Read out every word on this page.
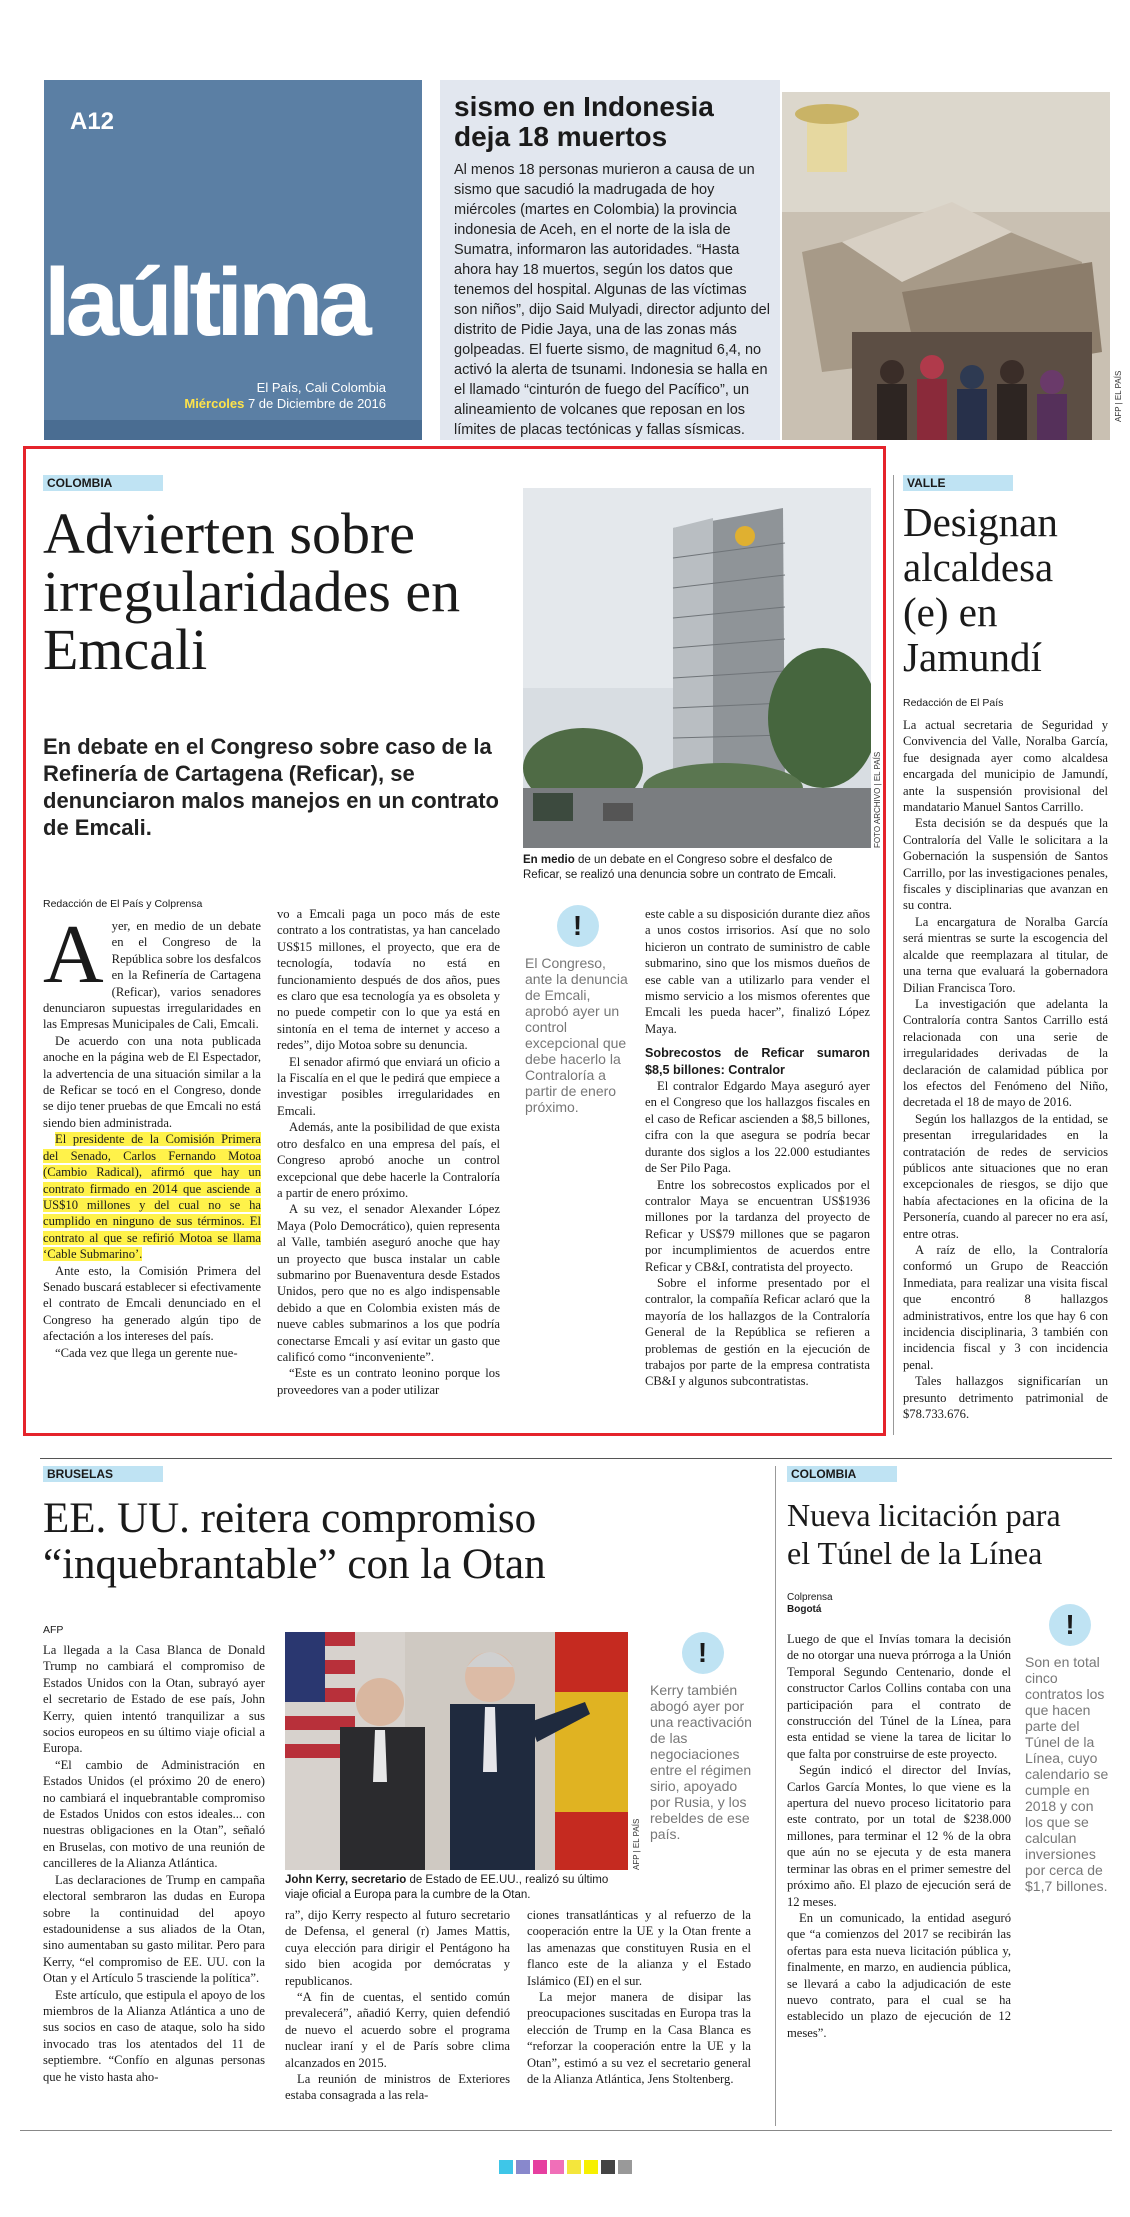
A12
laúltima
El País, Cali Colombia
Miércoles 7 de Diciembre de 2016
sismo en Indonesia
deja 18 muertos

Al menos 18 personas murieron a causa de un sismo que sacudió la madrugada de hoy miércoles (martes en Colombia) la provincia indonesia de Aceh, en el norte de la isla de Sumatra, informaron las autoridades. “Hasta ahora hay 18 muertos, según los datos que tenemos del hospital. Algunas de las víctimas son niños”, dijo Said Mulyadi, director adjunto del distrito de Pidie Jaya, una de las zonas más golpeadas. El fuerte sismo, de magnitud 6,4, no activó la alerta de tsunami. Indonesia se halla en el llamado “cinturón de fuego del Pacífico”, un alineamiento de volcanes que reposan en los límites de placas tectónicas y fallas sísmicas.

AFP | EL PAÍS
COLOMBIA
Advierten sobre irregularidades en Emcali
En debate en el Congreso sobre caso de la Refinería de Cartagena (Reficar), se denunciaron malos manejos en un contrato de Emcali.	FOTO ARCHIVO | EL PAÍS
En medio de un debate en el Congreso sobre el desfalco de Reficar, se realizó una denuncia sobre un contrato de Emcali.
Redacción de El País y Colprensa

Ayer, en medio de un debate en el Congreso de la República sobre los desfalcos en la Refinería de Cartagena (Reficar), varios senadores denunciaron supuestas irregularidades en las Empresas Municipales de Cali, Emcali.

De acuerdo con una nota publicada anoche en la página web de El Espectador, la advertencia de una situación similar a la de Reficar se tocó en el Congreso, donde se dijo tener pruebas de que Emcali no está siendo bien administrada.

El presidente de la Comisión Primera del Senado, Carlos Fernando Motoa (Cambio Radical), afirmó que hay un contrato firmado en 2014 que asciende a US$10 millones y del cual no se ha cumplido en ninguno de sus términos. El contrato al que se refirió Motoa se llama ‘Cable Submarino’.

Ante esto, la Comisión Primera del Senado buscará establecer si efectivamente el contrato de Emcali denunciado en el Congreso ha generado algún tipo de afectación a los intereses del país.

“Cada vez que llega un gerente nue-

vo a Emcali paga un poco más de este contrato a los contratistas, ya han cancelado US$15 millones, el proyecto, que era de tecnología, todavía no está en funcionamiento después de dos años, pues es claro que esa tecnología ya es obsoleta y no puede competir con lo que ya está en sintonía en el tema de internet y acceso a redes”, dijo Motoa sobre su denuncia.

El senador afirmó que enviará un oficio a la Fiscalía en el que le pedirá que empiece a investigar posibles irregularidades en Emcali.

Además, ante la posibilidad de que exista otro desfalco en una empresa del país, el Congreso aprobó anoche un control excepcional que debe hacerle la Contraloría a partir de enero próximo.

A su vez, el senador Alexander López Maya (Polo Democrático), quien representa al Valle, también aseguró anoche que hay un proyecto que busca instalar un cable submarino por Buenaventura desde Estados Unidos, pero que no es algo indispensable debido a que en Colombia existen más de nueve cables submarinos a los que podría conectarse Emcali y así evitar un gasto que calificó como “inconveniente”.

“Este es un contrato leonino porque los proveedores van a poder utilizar

!
El Congreso, ante la denuncia de Emcali, aprobó ayer un control excepcional que debe hacerlo la Contraloría a partir de enero próximo.

este cable a su disposición durante diez años a unos costos irrisorios. Así que no solo hicieron un contrato de suministro de cable submarino, sino que los mismos dueños de ese cable van a utilizarlo para vender el mismo servicio a los mismos oferentes que Emcali les pueda hacer”, finalizó López Maya.

Sobrecostos de Reficar sumaron $8,5 billones: Contralor

El contralor Edgardo Maya aseguró ayer en el Congreso que los hallazgos fiscales en el caso de Reficar ascienden a $8,5 billones, cifra con la que asegura se podría becar durante dos siglos a los 22.000 estudiantes de Ser Pilo Paga.

Entre los sobrecostos explicados por el contralor Maya se encuentran US$1936 millones por la tardanza del proyecto de Reficar y US$79 millones que se pagaron por incumplimientos de acuerdos entre Reficar y CB&I, contratista del proyecto.

Sobre el informe presentado por el contralor, la compañía Reficar aclaró que la mayoría de los hallazgos de la Contraloría General de la República se refieren a problemas de gestión en la ejecución de trabajos por parte de la empresa contratista CB&I y algunos subcontratistas.

VALLE
Designan alcaldesa (e) en Jamundí
Redacción de El País

La actual secretaria de Seguridad y Convivencia del Valle, Noralba García, fue designada ayer como alcaldesa encargada del municipio de Jamundí, ante la suspensión provisional del mandatario Manuel Santos Carrillo.

Esta decisión se da después que la Contraloría del Valle le solicitara a la Gobernación la suspensión de Santos Carrillo, por las investigaciones penales, fiscales y disciplinarias que avanzan en su contra.

La encargatura de Noralba García será mientras se surte la escogencia del alcalde que reemplazara al titular, de una terna que evaluará la gobernadora Dilian Francisca Toro.

La investigación que adelanta la Contraloría contra Santos Carrillo está relacionada con una serie de irregularidades derivadas de la declaración de calamidad pública por los efectos del Fenómeno del Niño, decretada el 18 de mayo de 2016.

Según los hallazgos de la entidad, se presentan irregularidades en la contratación de redes de servicios públicos ante situaciones que no eran excepcionales de riesgos, se dijo que había afectaciones en la oficina de la Personería, cuando al parecer no era así, entre otras.

A raíz de ello, la Contraloría conformó un Grupo de Reacción Inmediata, para realizar una visita fiscal que encontró 8 hallazgos administrativos, entre los que hay 6 con incidencia disciplinaria, 3 también con incidencia fiscal y 3 con incidencia penal.

Tales hallazgos significarían un presunto detrimento patrimonial de $78.733.676.

BRUSELAS
EE. UU. reitera compromiso
“inquebrantable” con la Otan
AFP

La llegada a la Casa Blanca de Donald Trump no cambiará el compromiso de Estados Unidos con la Otan, subrayó ayer el secretario de Estado de ese país, John Kerry, quien intentó tranquilizar a sus socios europeos en su último viaje oficial a Europa.

“El cambio de Administración en Estados Unidos (el próximo 20 de enero) no cambiará el inquebrantable compromiso de Estados Unidos con estos ideales... con nuestras obligaciones en la Otan”, señaló en Bruselas, con motivo de una reunión de cancilleres de la Alianza Atlántica.

Las declaraciones de Trump en campaña electoral sembraron las dudas en Europa sobre la continuidad del apoyo estadounidense a sus aliados de la Otan, sino aumentaban su gasto militar. Pero para Kerry, “el compromiso de EE. UU. con la Otan y el Artículo 5 trasciende la política”.

Este artículo, que estipula el apoyo de los miembros de la Alianza Atlántica a uno de sus socios en caso de ataque, solo ha sido invocado tras los atentados del 11 de septiembre. “Confío en algunas personas que he visto hasta aho-

AFP | EL PAÍS
John Kerry, secretario de Estado de EE.UU., realizó su último viaje oficial a Europa para la cumbre de la Otan.
!
Kerry también abogó ayer por una reactivación de las negociaciones entre el régimen sirio, apoyado por Rusia, y los rebeldes de ese país.

ra”, dijo Kerry respecto al futuro secretario de Defensa, el general (r) James Mattis, cuya elección para dirigir el Pentágono ha sido bien acogida por demócratas y republicanos.

“A fin de cuentas, el sentido común prevalecerá”, añadió Kerry, quien defendió de nuevo el acuerdo sobre el programa nuclear iraní y el de París sobre clima alcanzados en 2015.

La reunión de ministros de Exteriores estaba consagrada a las rela-

ciones transatlánticas y al refuerzo de la cooperación entre la UE y la Otan frente a las amenazas que constituyen Rusia en el flanco este de la alianza y el Estado Islámico (EI) en el sur.

La mejor manera de disipar las preocupaciones suscitadas en Europa tras la elección de Trump en la Casa Blanca es “reforzar la cooperación entre la UE y la Otan”, estimó a su vez el secretario general de la Alianza Atlántica, Jens Stoltenberg.

COLOMBIA
Nueva licitación para
el Túnel de la Línea
Colprensa
Bogotá

Luego de que el Invías tomara la decisión de no otorgar una nueva prórroga a la Unión Temporal Segundo Centenario, donde el constructor Carlos Collins contaba con una participación para el contrato de construcción del Túnel de la Línea, para esta entidad se viene la tarea de licitar lo que falta por construirse de este proyecto.

Según indicó el director del Invías, Carlos García Montes, lo que viene es la apertura del nuevo proceso licitatorio para este contrato, por un total de $238.000 millones, para terminar el 12 % de la obra que aún no se ejecuta y de esta manera terminar las obras en el primer semestre del próximo año. El plazo de ejecución será de 12 meses.

En un comunicado, la entidad aseguró que “a comienzos del 2017 se recibirán las ofertas para esta nueva licitación pública y, finalmente, en marzo, en audiencia pública, se llevará a cabo la adjudicación de este nuevo contrato, para el cual se ha establecido un plazo de ejecución de 12 meses”.

!
Son en total cinco contratos los que hacen parte del Túnel de la Línea, cuyo calendario se cumple en 2018 y con los que se calculan inversiones por cerca de $1,7 billones.
